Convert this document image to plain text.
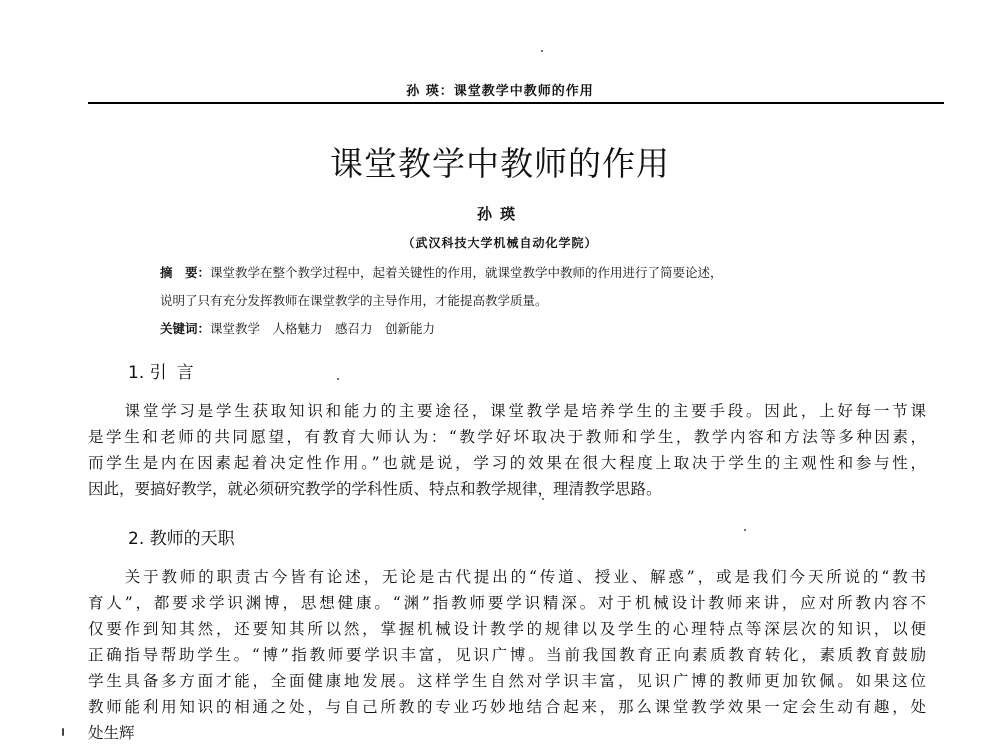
孙 瑛：课堂教学中教师的作用
课堂教学中教师的作用
孙瑛
（武汉科技大学机械自动化学院）
摘　要：课堂教学在整个教学过程中，起着关键性的作用，就课堂教学中教师的作用进行了简要论述，
说明了只有充分发挥教师在课堂教学的主导作用，才能提高教学质量。
关键词：课堂教学　人格魅力　感召力　创新能力
1. 引言
　　课堂学习是学生获取知识和能力的主要途径，课堂教学是培养学生的主要手段。因此，上好每一节课
是学生和老师的共同愿望，有教育大师认为：“教学好坏取决于教师和学生，教学内容和方法等多种因素，
而学生是内在因素起着决定性作用。”也就是说，学习的效果在很大程度上取决于学生的主观性和参与性，
因此，要搞好教学，就必须研究教学的学科性质、特点和教学规律，理清教学思路。
2. 教师的天职
　　关于教师的职责古今皆有论述，无论是古代提出的“传道、授业、解惑”，或是我们今天所说的“教书
育人”，都要求学识渊博，思想健康。“渊”指教师要学识精深。对于机械设计教师来讲，应对所教内容不
仅要作到知其然，还要知其所以然，掌握机械设计教学的规律以及学生的心理特点等深层次的知识，以便
正确指导帮助学生。“博”指教师要学识丰富，见识广博。当前我国教育正向素质教育转化，素质教育鼓励
学生具备多方面才能，全面健康地发展。这样学生自然对学识丰富，见识广博的教师更加钦佩。如果这位
教师能利用知识的相通之处，与自己所教的专业巧妙地结合起来，那么课堂教学效果一定会生动有趣，处
处生辉
